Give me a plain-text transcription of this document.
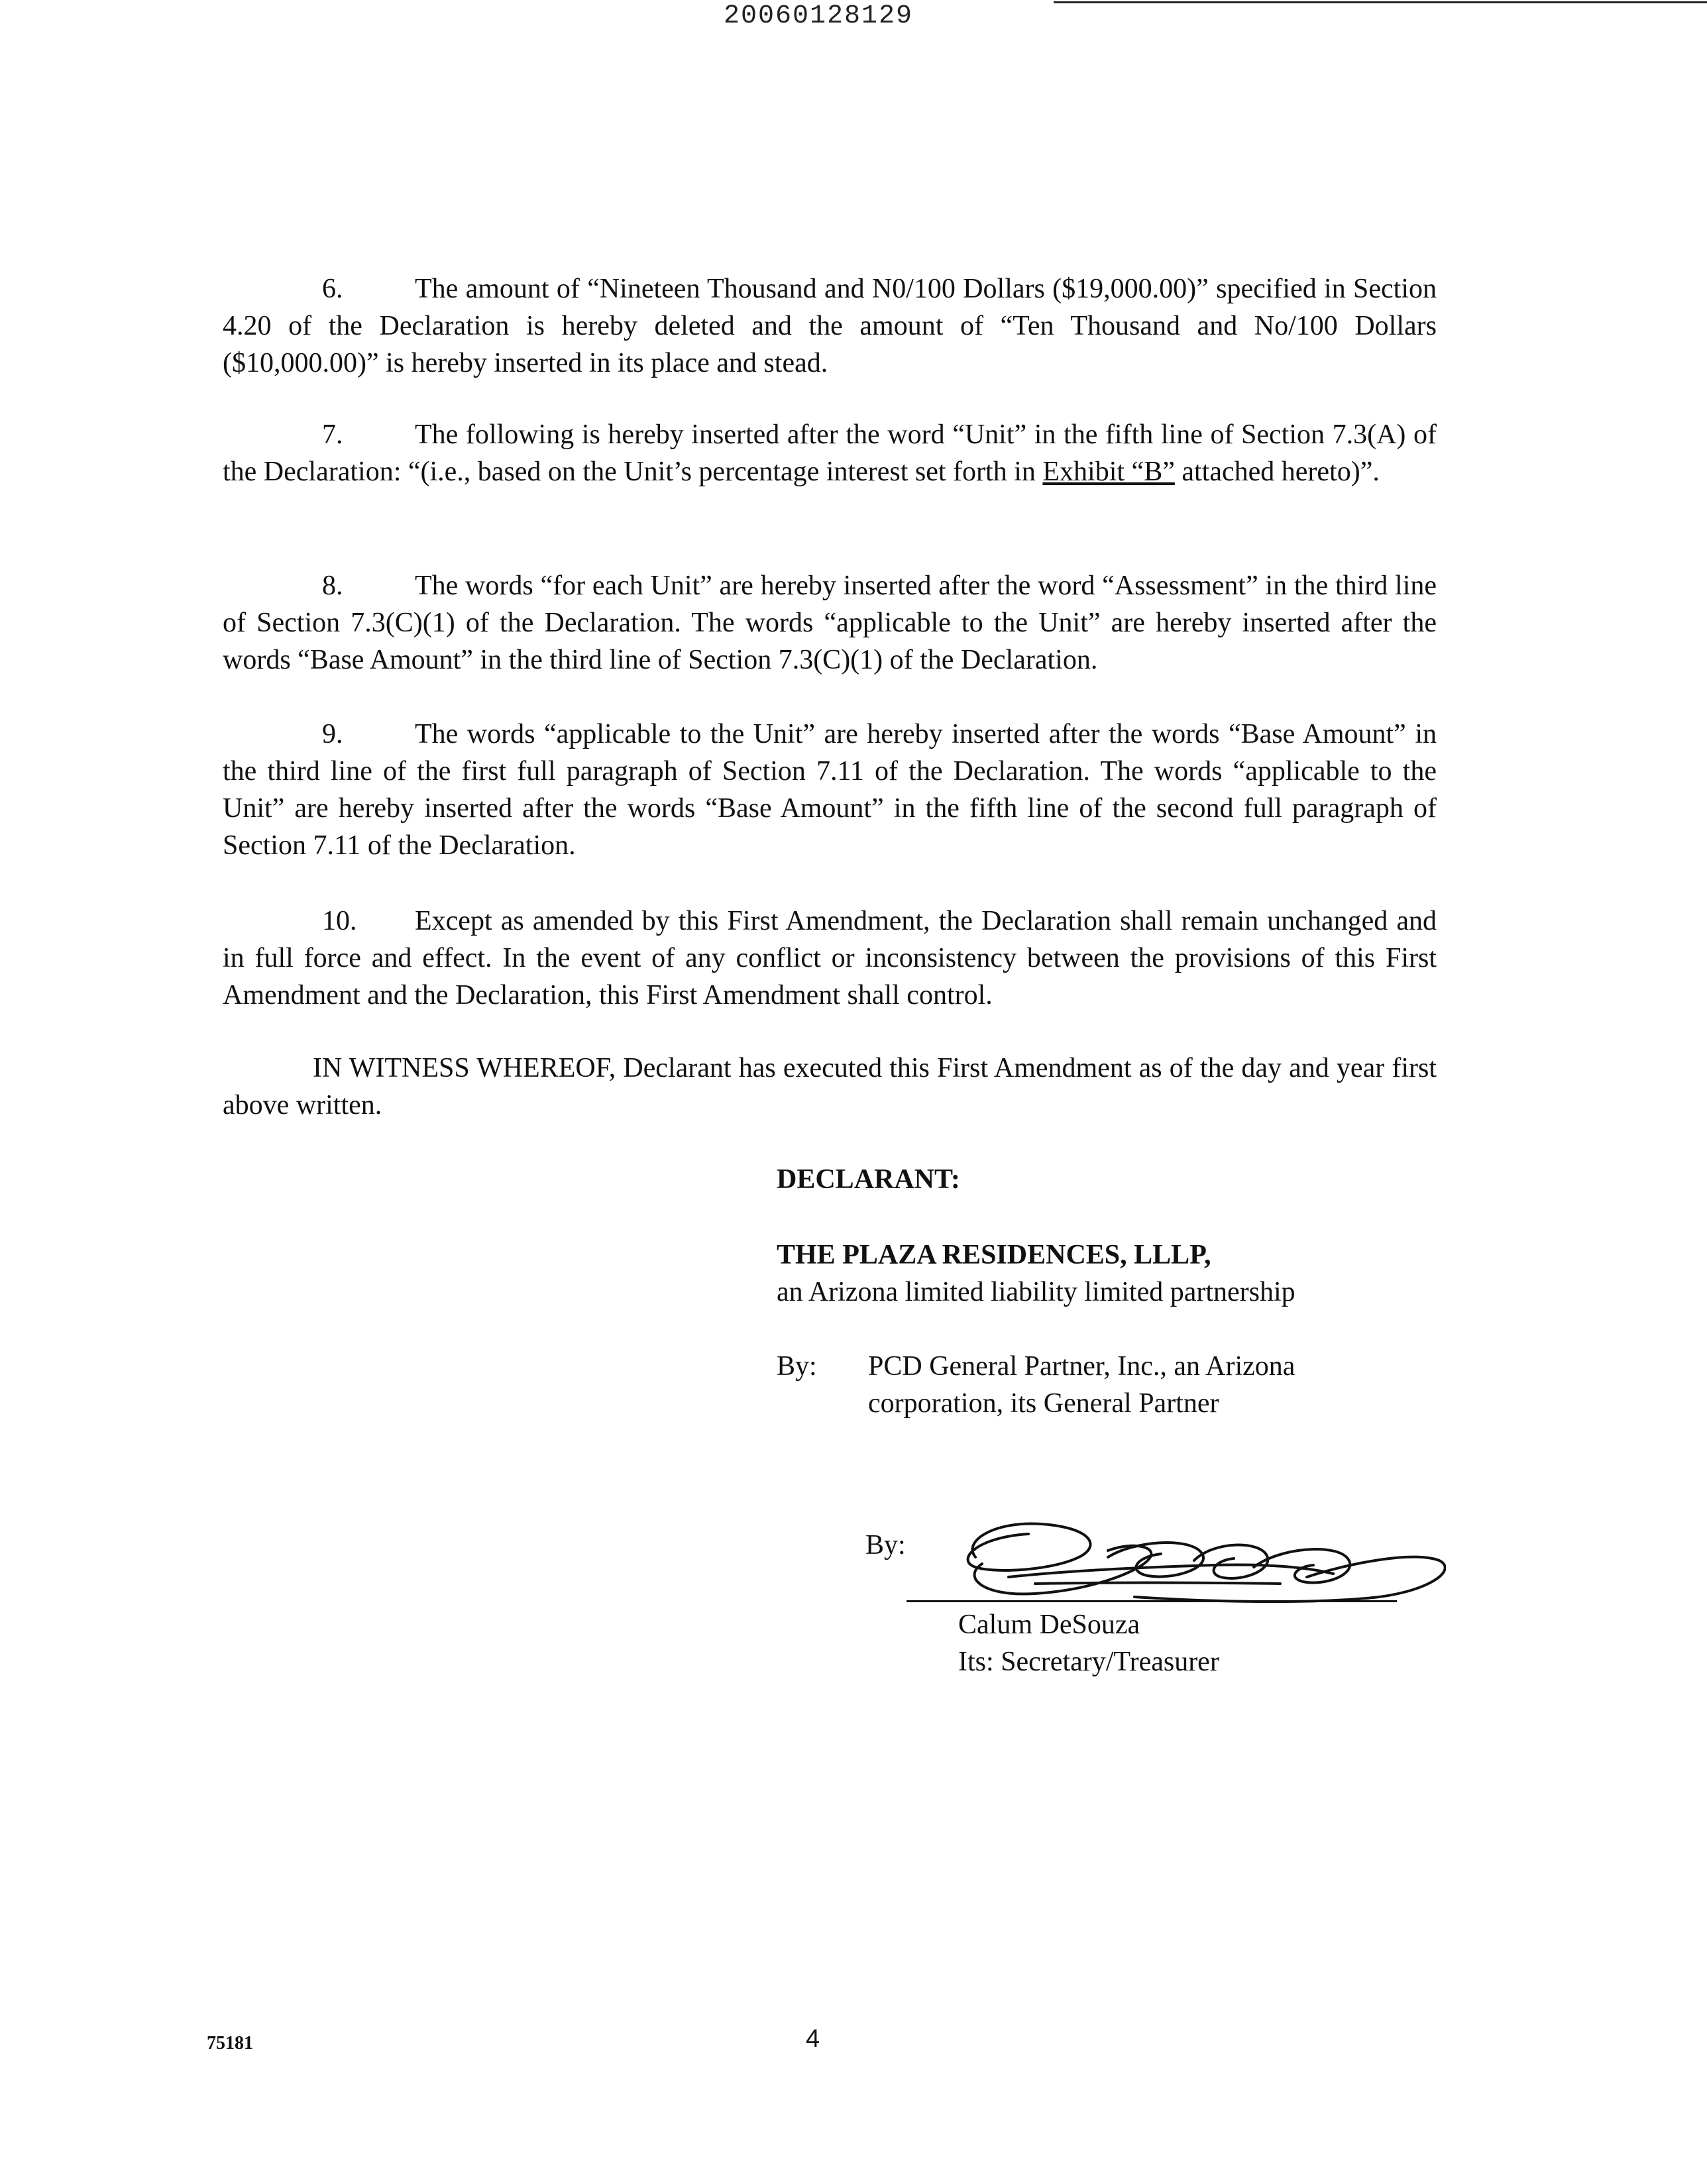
20060128129

6.	The amount of “Nineteen Thousand and N0/100 Dollars ($19,000.00)” specified in Section 4.20 of the Declaration is hereby deleted and the amount of “Ten Thousand and No/100 Dollars ($10,000.00)” is hereby inserted in its place and stead.

7.	The following is hereby inserted after the word “Unit” in the fifth line of Section 7.3(A) of the Declaration: “(i.e., based on the Unit’s percentage interest set forth in Exhibit “B” attached hereto)”.

8.	The words “for each Unit” are hereby inserted after the word “Assessment” in the third line of Section 7.3(C)(1) of the Declaration. The words “applicable to the Unit” are hereby inserted after the words “Base Amount” in the third line of Section 7.3(C)(1) of the Declaration.

9.	The words “applicable to the Unit” are hereby inserted after the words “Base Amount” in the third line of the first full paragraph of Section 7.11 of the Declaration. The words “applicable to the Unit” are hereby inserted after the words “Base Amount” in the fifth line of the second full paragraph of Section 7.11 of the Declaration.

10. Except as amended by this First Amendment, the Declaration shall remain unchanged and in full force and effect. In the event of any conflict or inconsistency between the provisions of this First Amendment and the Declaration, this First Amendment shall control.

IN WITNESS WHEREOF, Declarant has executed this First Amendment as of the day and year first above written.

DECLARANT:
THE PLAZA RESIDENCES, LLLP,
an Arizona limited liability limited partnership
By: PCD General Partner, Inc., an Arizona
corporation, its General Partner
By:
Calum DeSouza
Its: Secretary/Treasurer
75181	4
